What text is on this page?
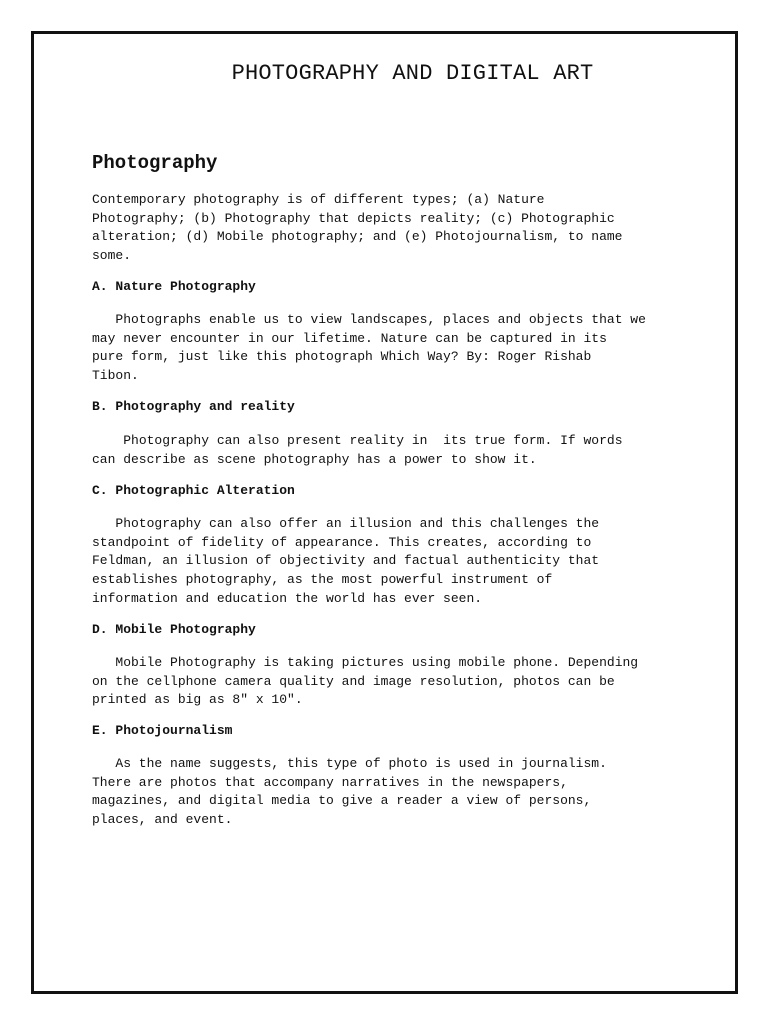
PHOTOGRAPHY AND DIGITAL ART
Photography

Contemporary photography is of different types; (a) Nature
Photography; (b) Photography that depicts reality; (c) Photographic
alteration; (d) Mobile photography; and (e) Photojournalism, to name
some.

A. Nature Photography

Photographs enable us to view landscapes, places and objects that we
may never encounter in our lifetime. Nature can be captured in its
pure form, just like this photograph Which Way? By: Roger Rishab
Tibon.

B. Photography and reality

Photography can also present reality in  its true form. If words
can describe as scene photography has a power to show it.

C. Photographic Alteration

Photography can also offer an illusion and this challenges the
standpoint of fidelity of appearance. This creates, according to
Feldman, an illusion of objectivity and factual authenticity that
establishes photography, as the most powerful instrument of
information and education the world has ever seen.

D. Mobile Photography

Mobile Photography is taking pictures using mobile phone. Depending
on the cellphone camera quality and image resolution, photos can be
printed as big as 8" x 10".

E. Photojournalism

As the name suggests, this type of photo is used in journalism.
There are photos that accompany narratives in the newspapers,
magazines, and digital media to give a reader a view of persons,
places, and event.
